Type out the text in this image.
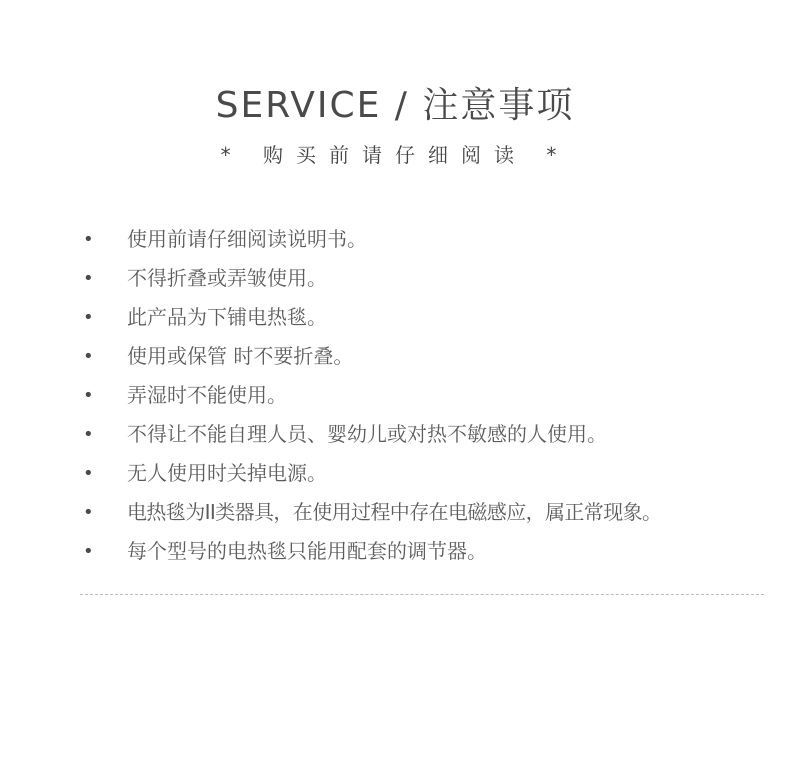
SERVICE / 注意事项
* 购买前请仔细阅读 *
• 使用前请仔细阅读说明书。
• 不得折叠或弄皱使用。
• 此产品为下铺电热毯。
• 使用或保管 时不要折叠。
• 弄湿时不能使用。
• 不得让不能自理人员、婴幼儿或对热不敏感的人使用。
• 无人使用时关掉电源。
• 电热毯为II类器具，在使用过程中存在电磁感应，属正常现象。
• 每个型号的电热毯只能用配套的调节器。
